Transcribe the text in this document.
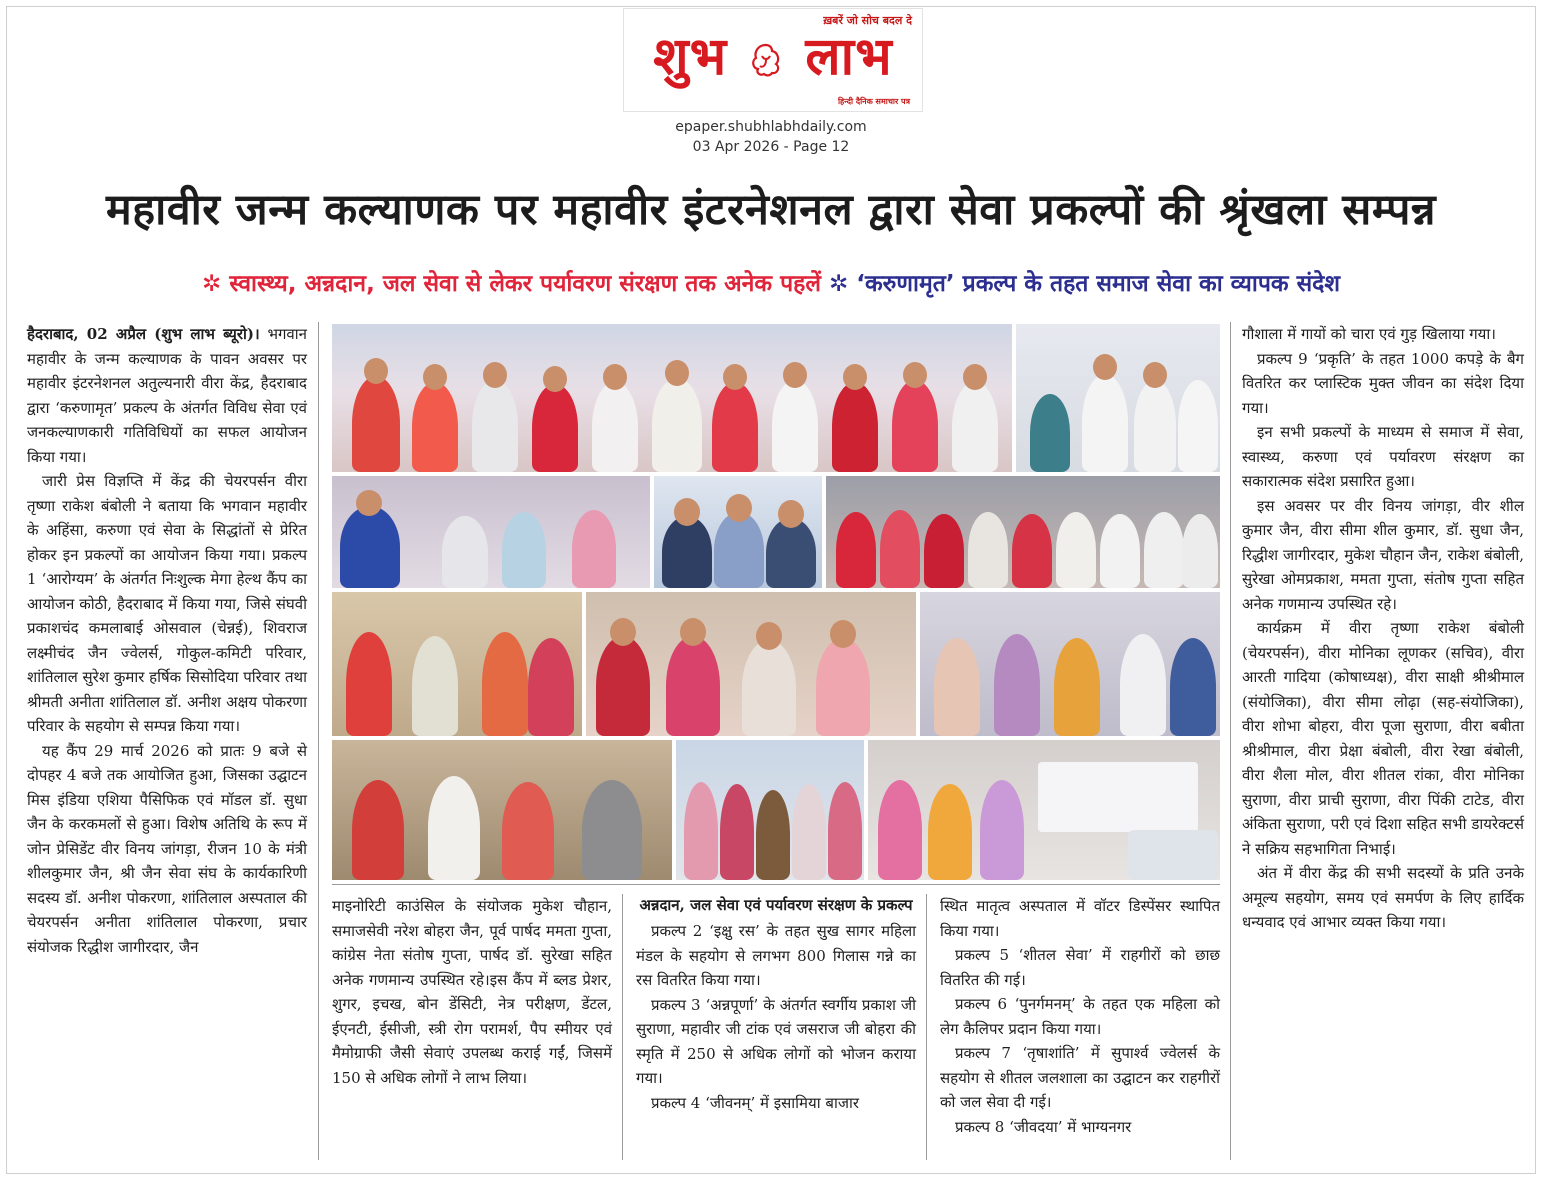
ख़बरें जो सोच बदल दे
शुभ लाभ
हिन्दी दैनिक समाचार पत्र
epaper.shubhlabhdaily.com
03 Apr 2026 - Page 12
महावीर जन्म कल्याणक पर महावीर इंटरनेशनल द्वारा सेवा प्रकल्पों की श्रृंखला सम्पन्न
✲ स्वास्थ्य, अन्नदान, जल सेवा से लेकर पर्यावरण संरक्षण तक अनेक पहलें ✲ ‘करुणामृत’ प्रकल्प के तहत समाज सेवा का व्यापक संदेश

हैदराबाद, 02 अप्रैल (शुभ लाभ ब्यूरो)। भगवान महावीर के जन्म कल्याणक के पावन अवसर पर महावीर इंटरनेशनल अतुल्यनारी वीरा केंद्र, हैदराबाद द्वारा ‘करुणामृत’ प्रकल्प के अंतर्गत विविध सेवा एवं जनकल्याणकारी गतिविधियों का सफल आयोजन किया गया।

जारी प्रेस विज्ञप्ति में केंद्र की चेयरपर्सन वीरा तृष्णा राकेश बंबोली ने बताया कि भगवान महावीर के अहिंसा, करुणा एवं सेवा के सिद्धांतों से प्रेरित होकर इन प्रकल्पों का आयोजन किया गया। प्रकल्प 1 ‘आरोग्यम’ के अंतर्गत निःशुल्क मेगा हेल्थ कैंप का आयोजन कोठी, हैदराबाद में किया गया, जिसे संघवी प्रकाशचंद कमलाबाई ओसवाल (चेन्नई), शिवराज लक्ष्मीचंद जैन ज्वेलर्स, गोकुल-कमिटी परिवार, शांतिलाल सुरेश कुमार हर्षिक सिसोदिया परिवार तथा श्रीमती अनीता शांतिलाल डॉ. अनीश अक्षय पोकरणा परिवार के सहयोग से सम्पन्न किया गया।

यह कैंप 29 मार्च 2026 को प्रातः 9 बजे से दोपहर 4 बजे तक आयोजित हुआ, जिसका उद्घाटन मिस इंडिया एशिया पैसिफिक एवं मॉडल डॉ. सुधा जैन के करकमलों से हुआ। विशेष अतिथि के रूप में जोन प्रेसिडेंट वीर विनय जांगड़ा, रीजन 10 के मंत्री शीलकुमार जैन, श्री जैन सेवा संघ के कार्यकारिणी सदस्य डॉ. अनीश पोकरणा, शांतिलाल अस्पताल की चेयरपर्सन अनीता शांतिलाल पोकरणा, प्रचार संयोजक रिद्धीश जागीरदार, जैन

माइनोरिटी काउंसिल के संयोजक मुकेश चौहान, समाजसेवी नरेश बोहरा जैन, पूर्व पार्षद ममता गुप्ता, कांग्रेस नेता संतोष गुप्ता, पार्षद डॉ. सुरेखा सहित अनेक गणमान्य उपस्थित रहे।इस कैंप में ब्लड प्रेशर, शुगर, इचख, बोन डेंसिटी, नेत्र परीक्षण, डेंटल, ईएनटी, ईसीजी, स्त्री रोग परामर्श, पैप स्मीयर एवं मैमोग्राफी जैसी सेवाएं उपलब्ध कराई गईं, जिसमें 150 से अधिक लोगों ने लाभ लिया।

अन्नदान, जल सेवा एवं पर्यावरण संरक्षण के प्रकल्प

प्रकल्प 2 ‘इक्षु रस’ के तहत सुख सागर महिला मंडल के सहयोग से लगभग 800 गिलास गन्ने का रस वितरित किया गया।

प्रकल्प 3 ‘अन्नपूर्णा’ के अंतर्गत स्वर्गीय प्रकाश जी सुराणा, महावीर जी टांक एवं जसराज जी बोहरा की स्मृति में 250 से अधिक लोगों को भोजन कराया गया।

प्रकल्प 4 ‘जीवनम्’ में इसामिया बाजार

स्थित मातृत्व अस्पताल में वॉटर डिस्पेंसर स्थापित किया गया।

प्रकल्प 5 ‘शीतल सेवा’ में राहगीरों को छाछ वितरित की गई।

प्रकल्प 6 ‘पुनर्गमनम्’ के तहत एक महिला को लेग कैलिपर प्रदान किया गया।

प्रकल्प 7 ‘तृषाशांति’ में सुपार्श्व ज्वेलर्स के सहयोग से शीतल जलशाला का उद्घाटन कर राहगीरों को जल सेवा दी गई।

प्रकल्प 8 ‘जीवदया’ में भाग्यनगर

गौशाला में गायों को चारा एवं गुड़ खिलाया गया।

प्रकल्प 9 ‘प्रकृति’ के तहत 1000 कपड़े के बैग वितरित कर प्लास्टिक मुक्त जीवन का संदेश दिया गया।

इन सभी प्रकल्पों के माध्यम से समाज में सेवा, स्वास्थ्य, करुणा एवं पर्यावरण संरक्षण का सकारात्मक संदेश प्रसारित हुआ।

इस अवसर पर वीर विनय जांगड़ा, वीर शील कुमार जैन, वीरा सीमा शील कुमार, डॉ. सुधा जैन, रिद्धीश जागीरदार, मुकेश चौहान जैन, राकेश बंबोली, सुरेखा ओमप्रकाश, ममता गुप्ता, संतोष गुप्ता सहित अनेक गणमान्य उपस्थित रहे।

कार्यक्रम में वीरा तृष्णा राकेश बंबोली (चेयरपर्सन), वीरा मोनिका लूणकर (सचिव), वीरा आरती गादिया (कोषाध्यक्ष), वीरा साक्षी श्रीश्रीमाल (संयोजिका), वीरा सीमा लोढ़ा (सह-संयोजिका), वीरा शोभा बोहरा, वीरा पूजा सुराणा, वीरा बबीता श्रीश्रीमाल, वीरा प्रेक्षा बंबोली, वीरा रेखा बंबोली, वीरा शैला मोल, वीरा शीतल रांका, वीरा मोनिका सुराणा, वीरा प्राची सुराणा, वीरा पिंकी टाटेड, वीरा अंकिता सुराणा, परी एवं दिशा सहित सभी डायरेक्टर्स ने सक्रिय सहभागिता निभाई।

अंत में वीरा केंद्र की सभी सदस्यों के प्रति उनके अमूल्य सहयोग, समय एवं समर्पण के लिए हार्दिक धन्यवाद एवं आभार व्यक्त किया गया।
